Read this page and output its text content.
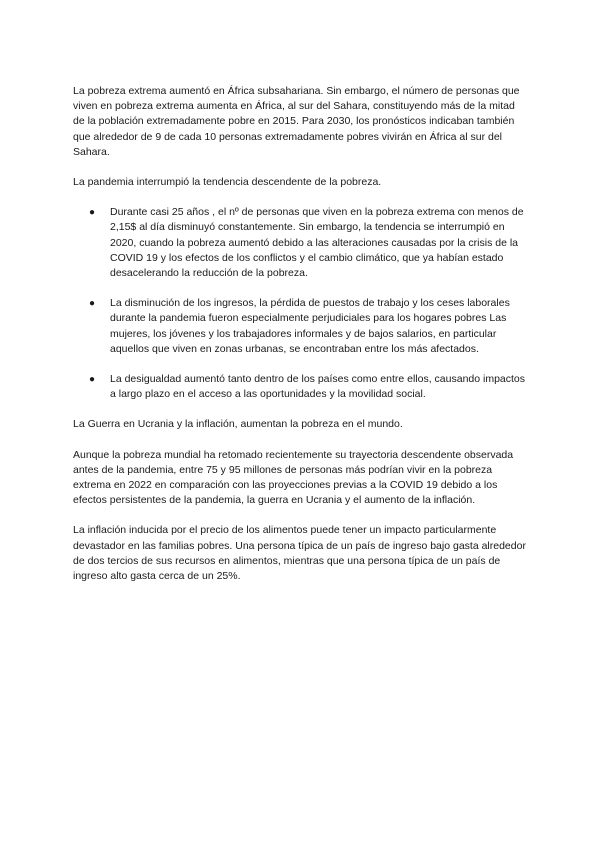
La pobreza extrema aumentó en África subsahariana. Sin embargo, el número de personas que viven en pobreza extrema aumenta en África, al sur del Sahara, constituyendo más de la mitad de la población extremadamente pobre en 2015. Para 2030, los pronósticos indicaban también que alrededor de 9 de cada 10 personas extremadamente pobres vivirán en África al sur del Sahara.

La pandemia interrumpió la tendencia descendente de la pobreza.

● Durante casi 25 años , el nº de personas que viven en la pobreza extrema con menos de 2,15$ al día disminuyó constantemente. Sin embargo, la tendencia se interrumpió en 2020, cuando la pobreza aumentó debido a las alteraciones causadas por la crisis de la COVID 19 y los efectos de los conflictos y el cambio climático, que ya habían estado desacelerando la reducción de la pobreza.
● La disminución de los ingresos, la pérdida de puestos de trabajo y los ceses laborales durante la pandemia fueron especialmente perjudiciales para los hogares pobres Las mujeres, los jóvenes y los trabajadores informales y de bajos salarios, en particular aquellos que viven en zonas urbanas, se encontraban entre los más afectados.
● La desigualdad aumentó tanto dentro de los países como entre ellos, causando impactos a largo plazo en el acceso a las oportunidades y la movilidad social.

La Guerra en Ucrania y la inflación, aumentan la pobreza en el mundo.

Aunque la pobreza mundial ha retomado recientemente su trayectoria descendente observada antes de la pandemia, entre 75 y 95 millones de personas más podrían vivir en la pobreza extrema en 2022 en comparación con las proyecciones previas a la COVID 19 debido a los efectos persistentes de la pandemia, la guerra en Ucrania y el aumento de la inflación.

La inflación inducida por el precio de los alimentos puede tener un impacto particularmente devastador en las familias pobres. Una persona típica de un país de ingreso bajo gasta alrededor de dos tercios de sus recursos en alimentos, mientras que una persona típica de un país de ingreso alto gasta cerca de un 25%.
